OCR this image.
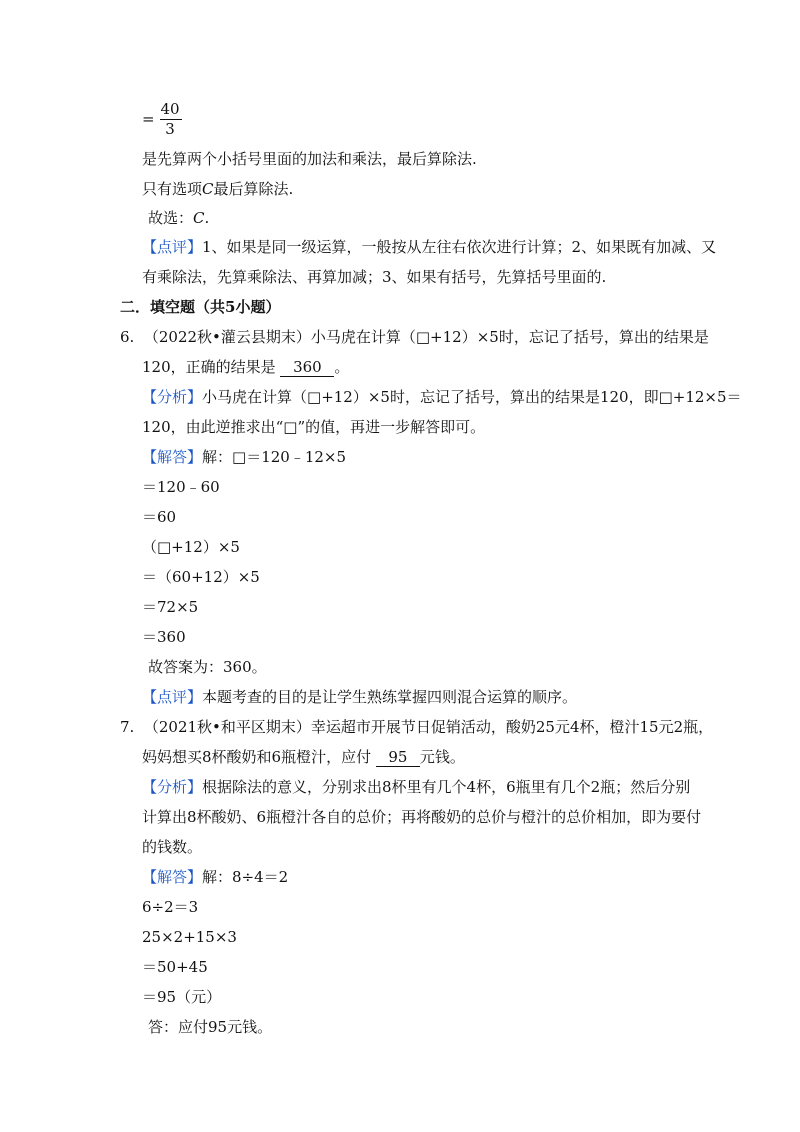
=
40
3
是先算两个小括号里面的加法和乘法，最后算除法.
只有选项C最后算除法.
故选：C.
【点评】1、如果是同一级运算，一般按从左往右依次进行计算；2、如果既有加减、又
有乘除法，先算乘除法、再算加减；3、如果有括号，先算括号里面的.
二．填空题（共5小题）
6. （2022秋•灌云县期末）小马虎在计算（□+12）×5时，忘记了括号，算出的结果是
120，正确的结果是 360 。
【分析】小马虎在计算（□+12）×5时，忘记了括号，算出的结果是120，即□+12×5＝
120，由此逆推求出“□”的值，再进一步解答即可。
【解答】解：□＝120﹣12×5
＝120﹣60
＝60
（□+12）×5
＝（60+12）×5
＝72×5
＝360
故答案为：360。
【点评】本题考查的目的是让学生熟练掌握四则混合运算的顺序。
7. （2021秋•和平区期末）幸运超市开展节日促销活动，酸奶25元4杯，橙汁15元2瓶，
妈妈想买8杯酸奶和6瓶橙汁，应付 95 元钱。
【分析】根据除法的意义，分别求出8杯里有几个4杯，6瓶里有几个2瓶；然后分别
计算出8杯酸奶、6瓶橙汁各自的总价；再将酸奶的总价与橙汁的总价相加，即为要付
的钱数。
【解答】解：8÷4＝2
6÷2＝3
25×2+15×3
＝50+45
＝95（元）
答：应付95元钱。
